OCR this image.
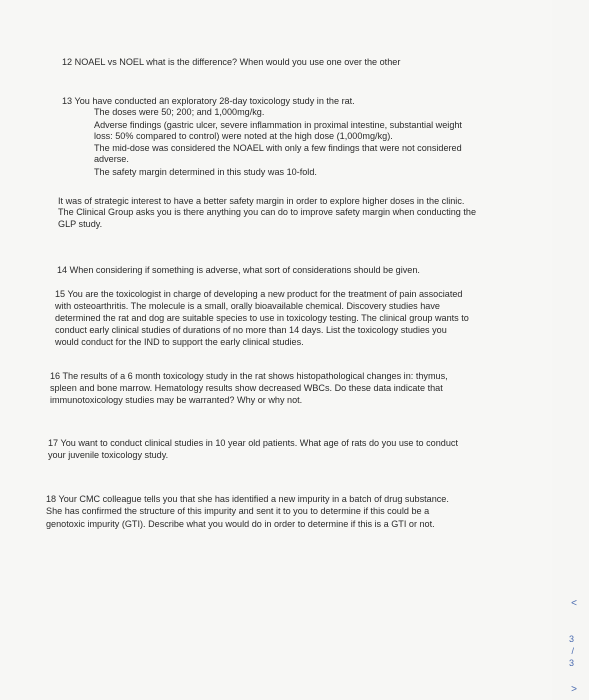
12 NOAEL vs NOEL what is the difference? When would you use one over the other
13 You have conducted an exploratory 28-day toxicology study in the rat.
The doses were 50; 200; and 1,000mg/kg.
Adverse findings (gastric ulcer, severe inflammation in proximal intestine, substantial weight
loss: 50% compared to control) were noted at the high dose (1,000mg/kg).
The mid-dose was considered the NOAEL with only a few findings that were not considered
adverse.
The safety margin determined in this study was 10-fold.
It was of strategic interest to have a better safety margin in order to explore higher doses in the clinic.
The Clinical Group asks you is there anything you can do to improve safety margin when conducting the
GLP study.
14 When considering if something is adverse, what sort of considerations should be given.
15 You are the toxicologist in charge of developing a new product for the treatment of pain associated
with osteoarthritis. The molecule is a small, orally bioavailable chemical. Discovery studies have
determined the rat and dog are suitable species to use in toxicology testing. The clinical group wants to
conduct early clinical studies of durations of no more than 14 days. List the toxicology studies you
would conduct for the IND to support the early clinical studies.
16 The results of a 6 month toxicology study in the rat shows histopathological changes in: thymus,
spleen and bone marrow. Hematology results show decreased WBCs. Do these data indicate that
immunotoxicology studies may be warranted? Why or why not.
17 You want to conduct clinical studies in 10 year old patients. What age of rats do you use to conduct
your juvenile toxicology study.
18 Your CMC colleague tells you that she has identified a new impurity in a batch of drug substance.
She has confirmed the structure of this impurity and sent it to you to determine if this could be a
genotoxic impurity (GTI). Describe what you would do in order to determine if this is a GTI or not.
<
3
/
3
>
